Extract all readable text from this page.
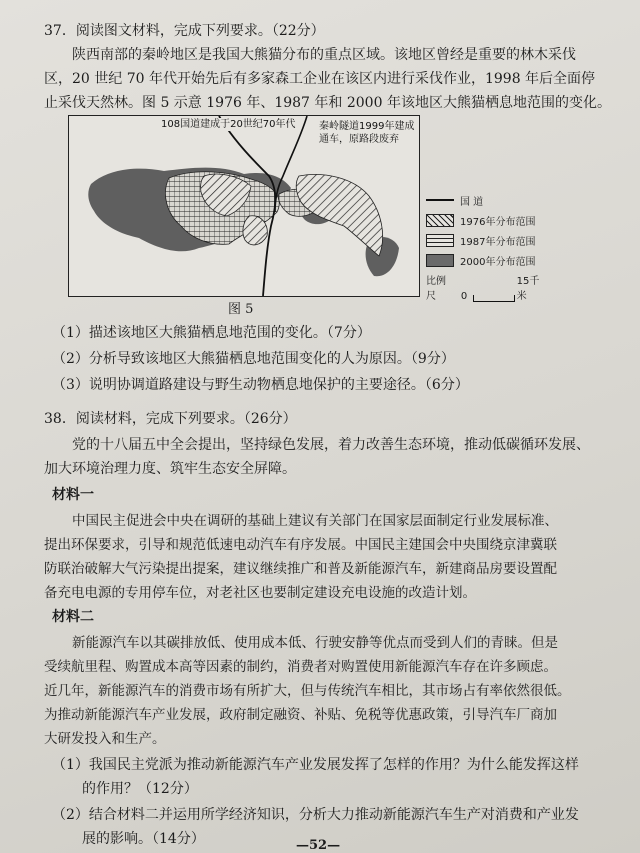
37．阅读图文材料，完成下列要求。（22分）
陕西南部的秦岭地区是我国大熊猫分布的重点区域。该地区曾经是重要的林木采伐
区，20 世纪 70 年代开始先后有多家森工企业在该区内进行采伐作业，1998 年后全面停
止采伐天然林。图 5 示意 1976 年、1987 年和 2000 年该地区大熊猫栖息地范围的变化。
108国道建成于20世纪70年代 秦岭隧道1999年建成
通车，原路段废弃
国 道
1976年分布范围
1987年分布范围
2000年分布范围
比例尺	0
15千米
图 5
（1）描述该地区大熊猫栖息地范围的变化。（7分）
（2）分析导致该地区大熊猫栖息地范围变化的人为原因。（9分）
（3）说明协调道路建设与野生动物栖息地保护的主要途径。（6分）
38．阅读材料，完成下列要求。（26分）
党的十八届五中全会提出，坚持绿色发展，着力改善生态环境，推动低碳循环发展、
加大环境治理力度、筑牢生态安全屏障。
材料一
中国民主促进会中央在调研的基础上建议有关部门在国家层面制定行业发展标准、
提出环保要求，引导和规范低速电动汽车有序发展。中国民主建国会中央围绕京津冀联
防联治破解大气污染提出提案，建议继续推广和普及新能源汽车，新建商品房要设置配
备充电电源的专用停车位，对老社区也要制定建设充电设施的改造计划。
材料二
新能源汽车以其碳排放低、使用成本低、行驶安静等优点而受到人们的青睐。但是
受续航里程、购置成本高等因素的制约，消费者对购置使用新能源汽车存在许多顾虑。
近几年，新能源汽车的消费市场有所扩大，但与传统汽车相比，其市场占有率依然很低。
为推动新能源汽车产业发展，政府制定融资、补贴、免税等优惠政策，引导汽车厂商加
大研发投入和生产。
（1）我国民主党派为推动新能源汽车产业发展发挥了怎样的作用？为什么能发挥这样
的作用？（12分）
（2）结合材料二并运用所学经济知识，分析大力推动新能源汽车生产对消费和产业发
展的影响。（14分）	—52—
